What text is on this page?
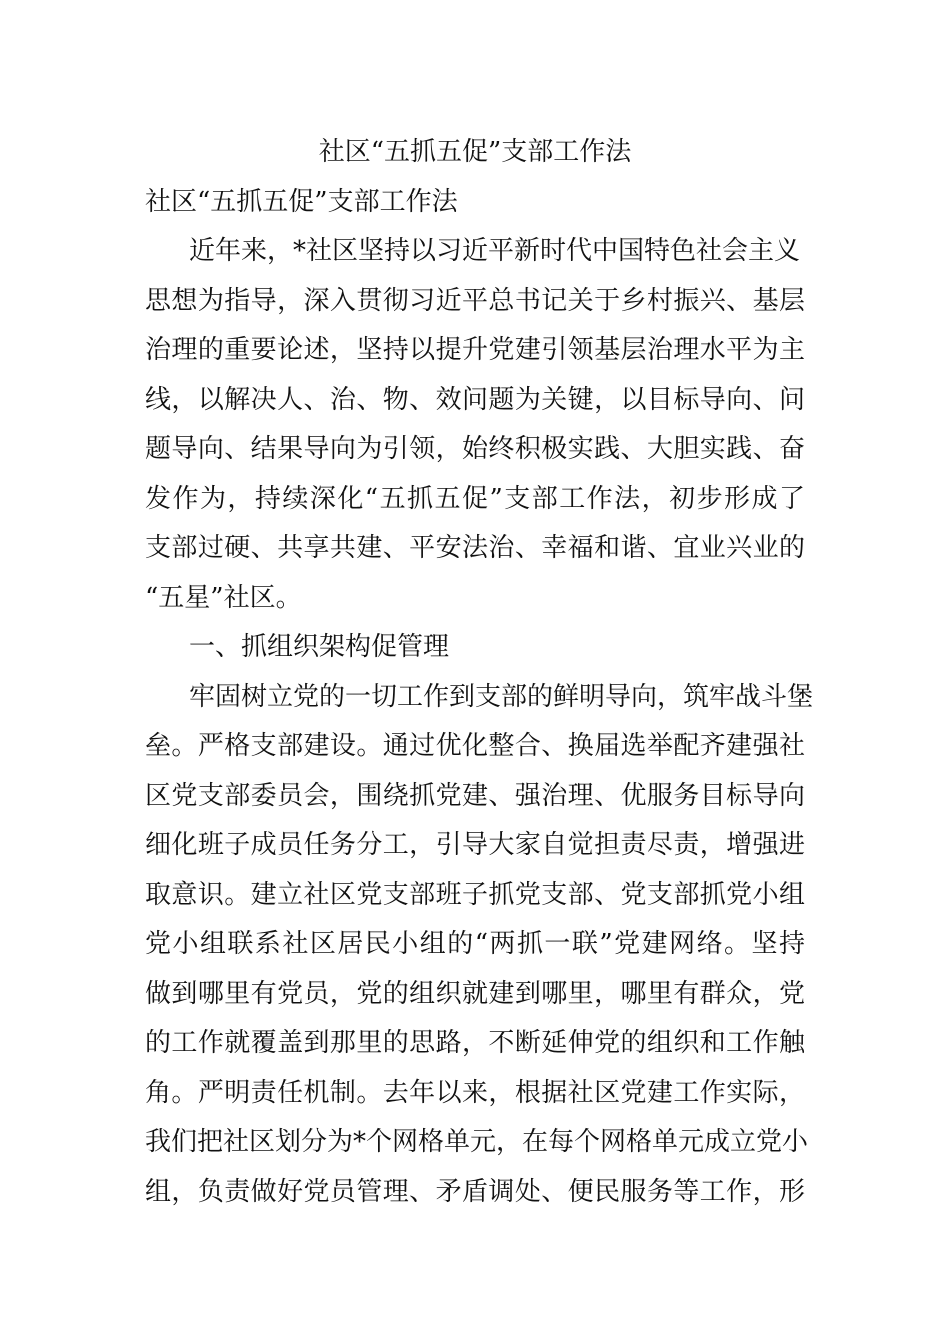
社区“五抓五促”支部工作法
社区“五抓五促”支部工作法
近年来，*社区坚持以习近平新时代中国特色社会主义
思想为指导，深入贯彻习近平总书记关于乡村振兴、基层
治理的重要论述，坚持以提升党建引领基层治理水平为主
线，以解决人、治、物、效问题为关键，以目标导向、问
题导向、结果导向为引领，始终积极实践、大胆实践、奋
发作为，持续深化“五抓五促”支部工作法，初步形成了
支部过硬、共享共建、平安法治、幸福和谐、宜业兴业的
“五星”社区。
一、抓组织架构促管理
牢固树立党的一切工作到支部的鲜明导向，筑牢战斗堡
垒。严格支部建设。通过优化整合、换届选举配齐建强社
区党支部委员会，围绕抓党建、强治理、优服务目标导向
细化班子成员任务分工，引导大家自觉担责尽责，增强进
取意识。建立社区党支部班子抓党支部、党支部抓党小组
党小组联系社区居民小组的“两抓一联”党建网络。坚持
做到哪里有党员，党的组织就建到哪里，哪里有群众，党
的工作就覆盖到那里的思路，不断延伸党的组织和工作触
角。严明责任机制。去年以来，根据社区党建工作实际，
我们把社区划分为*个网格单元，在每个网格单元成立党小
组，负责做好党员管理、矛盾调处、便民服务等工作，形
